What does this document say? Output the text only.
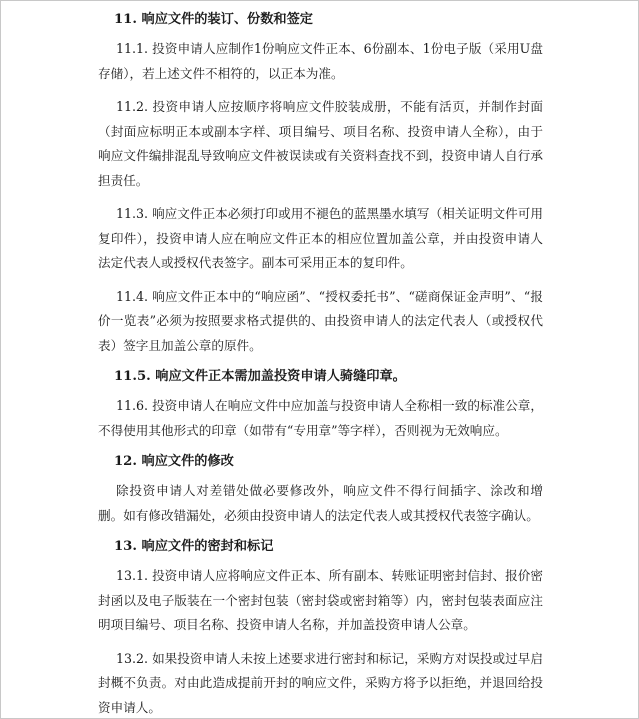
11. 响应文件的装订、份数和签定
11.1. 投资申请人应制作1份响应文件正本、6份副本、1份电子版（采用U盘存储），若上述文件不相符的，以正本为准。
11.2. 投资申请人应按顺序将响应文件胶装成册，不能有活页，并制作封面（封面应标明正本或副本字样、项目编号、项目名称、投资申请人全称），由于响应文件编排混乱导致响应文件被误读或有关资料查找不到，投资申请人自行承担责任。
11.3. 响应文件正本必须打印或用不褪色的蓝黑墨水填写（相关证明文件可用复印件），投资申请人应在响应文件正本的相应位置加盖公章，并由投资申请人法定代表人或授权代表签字。副本可采用正本的复印件。
11.4. 响应文件正本中的“响应函”、“授权委托书”、“磋商保证金声明”、“报价一览表”必须为按照要求格式提供的、由投资申请人的法定代表人（或授权代表）签字且加盖公章的原件。
11.5. 响应文件正本需加盖投资申请人骑缝印章。
11.6. 投资申请人在响应文件中应加盖与投资申请人全称相一致的标准公章，不得使用其他形式的印章（如带有“专用章”等字样），否则视为无效响应。
12. 响应文件的修改
除投资申请人对差错处做必要修改外，响应文件不得行间插字、涂改和增删。如有修改错漏处，必须由投资申请人的法定代表人或其授权代表签字确认。
13. 响应文件的密封和标记
13.1. 投资申请人应将响应文件正本、所有副本、转账证明密封信封、报价密封函以及电子版装在一个密封包装（密封袋或密封箱等）内，密封包装表面应注明项目编号、项目名称、投资申请人名称，并加盖投资申请人公章。
13.2. 如果投资申请人未按上述要求进行密封和标记，采购方对误投或过早启封概不负责。对由此造成提前开封的响应文件，采购方将予以拒绝，并退回给投资申请人。
